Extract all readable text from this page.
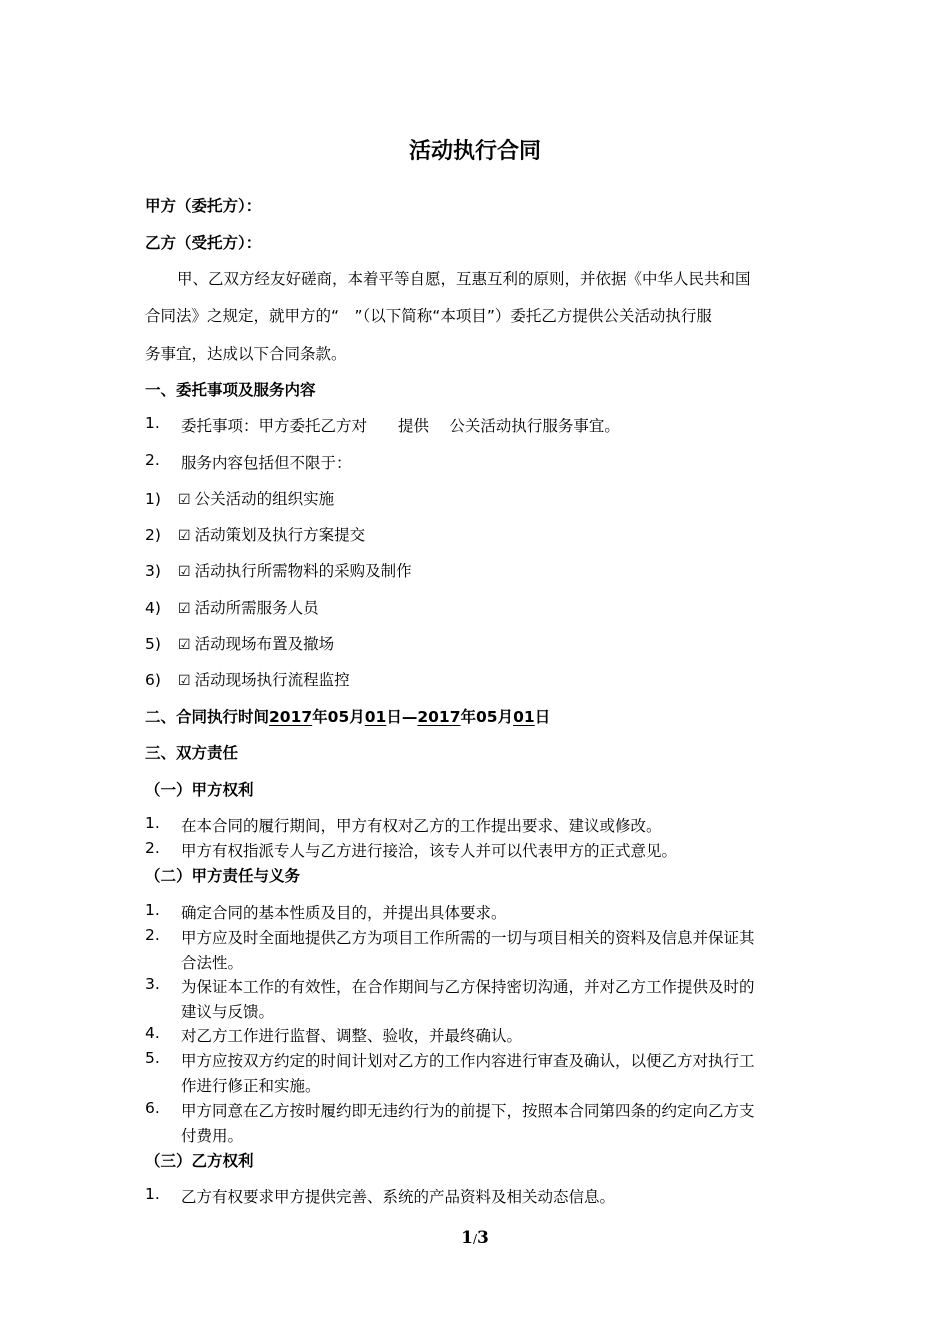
活动执行合同
甲方（委托方）：
乙方（受托方）：
甲、乙双方经友好磋商，本着平等自愿，互惠互利的原则，并依据《中华人民共和国
合同法》之规定，就甲方的“　”（以下简称“本项目”）委托乙方提供公关活动执行服
务事宜，达成以下合同条款。
一、委托事项及服务内容
1. 委托事项：甲方委托乙方对　　提供　 公关活动执行服务事宜。
2. 服务内容包括但不限于：
1) ☑ 公关活动的组织实施
2) ☑ 活动策划及执行方案提交
3) ☑ 活动执行所需物料的采购及制作
4) ☑ 活动所需服务人员
5) ☑ 活动现场布置及撤场
6) ☑ 活动现场执行流程监控
二、合同执行时间2017年05月01日—2017年05月01日
三、双方责任
（一）甲方权利
1. 在本合同的履行期间，甲方有权对乙方的工作提出要求、建议或修改。
2. 甲方有权指派专人与乙方进行接洽，该专人并可以代表甲方的正式意见。
（二）甲方责任与义务
1. 确定合同的基本性质及目的，并提出具体要求。
2. 甲方应及时全面地提供乙方为项目工作所需的一切与项目相关的资料及信息并保证其
合法性。
3. 为保证本工作的有效性，在合作期间与乙方保持密切沟通，并对乙方工作提供及时的
建议与反馈。
4. 对乙方工作进行监督、调整、验收，并最终确认。
5. 甲方应按双方约定的时间计划对乙方的工作内容进行审查及确认，以便乙方对执行工
作进行修正和实施。
6. 甲方同意在乙方按时履约即无违约行为的前提下，按照本合同第四条的约定向乙方支
付费用。
（三）乙方权利
1. 乙方有权要求甲方提供完善、系统的产品资料及相关动态信息。
1/3
